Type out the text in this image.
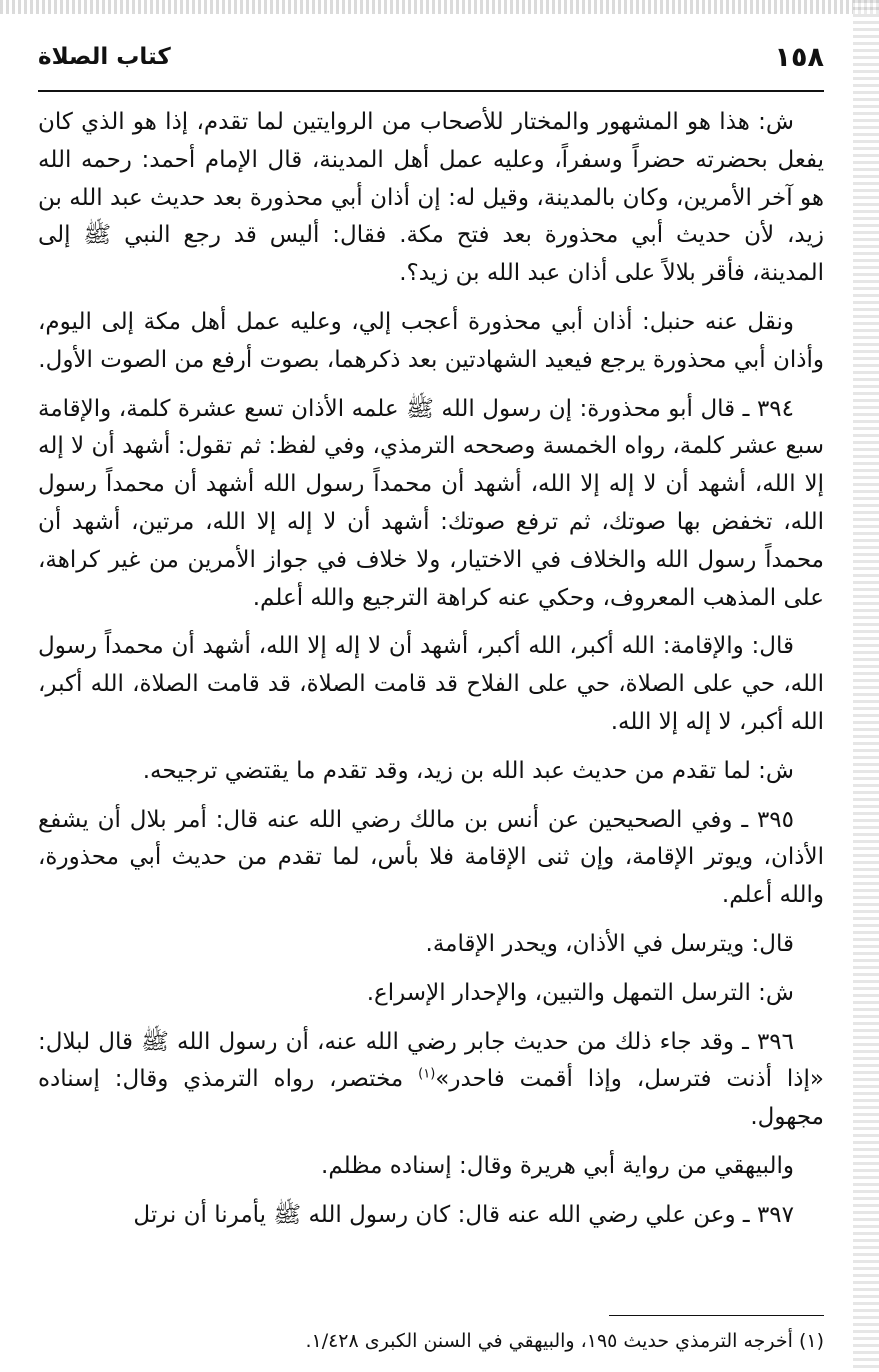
١٥٨
كتاب الصلاة

ش: هذا هو المشهور والمختار للأصحاب من الروايتين لما تقدم، إذا هو الذي كان يفعل بحضرته حضراً وسفراً، وعليه عمل أهل المدينة، قال الإمام أحمد: رحمه الله هو آخر الأمرين، وكان بالمدينة، وقيل له: إن أذان أبي محذورة بعد حديث عبد الله بن زيد، لأن حديث أبي محذورة بعد فتح مكة. فقال: أليس قد رجع النبي ﷺ إلى المدينة، فأقر بلالاً على أذان عبد الله بن زيد؟.

ونقل عنه حنبل: أذان أبي محذورة أعجب إلي، وعليه عمل أهل مكة إلى اليوم، وأذان أبي محذورة يرجع فيعيد الشهادتين بعد ذكرهما، بصوت أرفع من الصوت الأول.

٣٩٤ ـ قال أبو محذورة: إن رسول الله ﷺ علمه الأذان تسع عشرة كلمة، والإقامة سبع عشر كلمة، رواه الخمسة وصححه الترمذي، وفي لفظ: ثم تقول: أشهد أن لا إله إلا الله، أشهد أن لا إله إلا الله، أشهد أن محمداً رسول الله أشهد أن محمداً رسول الله، تخفض بها صوتك، ثم ترفع صوتك: أشهد أن لا إله إلا الله، مرتين، أشهد أن محمداً رسول الله والخلاف في الاختيار، ولا خلاف في جواز الأمرين من غير كراهة، على المذهب المعروف، وحكي عنه كراهة الترجيع والله أعلم.

قال: والإقامة: الله أكبر، الله أكبر، أشهد أن لا إله إلا الله، أشهد أن محمداً رسول الله، حي على الصلاة، حي على الفلاح قد قامت الصلاة، قد قامت الصلاة، الله أكبر، الله أكبر، لا إله إلا الله.

ش: لما تقدم من حديث عبد الله بن زيد، وقد تقدم ما يقتضي ترجيحه.

٣٩٥ ـ وفي الصحيحين عن أنس بن مالك رضي الله عنه قال: أمر بلال أن يشفع الأذان، ويوتر الإقامة، وإن ثنى الإقامة فلا بأس، لما تقدم من حديث أبي محذورة، والله أعلم.

قال: ويترسل في الأذان، ويحدر الإقامة.

ش: الترسل التمهل والتبين، والإحدار الإسراع.

٣٩٦ ـ وقد جاء ذلك من حديث جابر رضي الله عنه، أن رسول الله ﷺ قال لبلال: «إذا أذنت فترسل، وإذا أقمت فاحدر»$^{(١)}$ مختصر، رواه الترمذي وقال: إسناده مجهول.

والبيهقي من رواية أبي هريرة وقال: إسناده مظلم.

٣٩٧ ـ وعن علي رضي الله عنه قال: كان رسول الله ﷺ يأمرنا أن نرتل

(١) أخرجه الترمذي حديث ١٩٥، والبيهقي في السنن الكبرى ١/٤٢٨.
